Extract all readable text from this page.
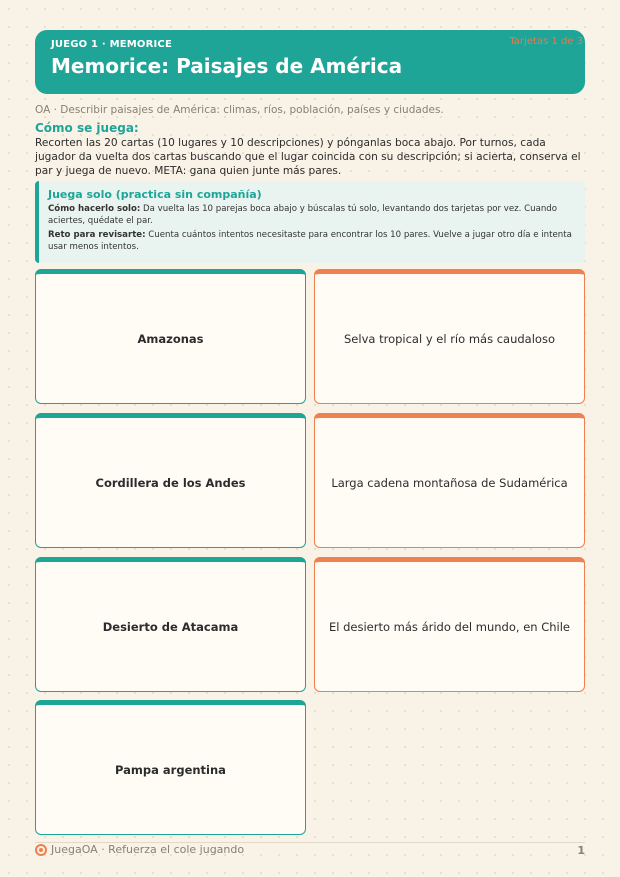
JUEGO 1 · MEMORICE
Memorice: Paisajes de América
Tarjetas 1 de 3
OA · Describir paisajes de América: climas, ríos, población, países y ciudades.
Cómo se juega:
Recorten las 20 cartas (10 lugares y 10 descripciones) y pónganlas boca abajo. Por turnos, cada jugador da vuelta dos cartas buscando que el lugar coincida con su descripción; si acierta, conserva el par y juega de nuevo. META: gana quien junte más pares.
Juega solo (practica sin compañía)

Cómo hacerlo solo: Da vuelta las 10 parejas boca abajo y búscalas tú solo, levantando dos tarjetas por vez. Cuando aciertes, quédate el par.

Reto para revisarte: Cuenta cuántos intentos necesitaste para encontrar los 10 pares. Vuelve a jugar otro día e intenta usar menos intentos.

Amazonas	Selva tropical y el río más caudaloso
Cordillera de los Andes	Larga cadena montañosa de Sudamérica
Desierto de Atacama	El desierto más árido del mundo, en Chile
Pampa argentina
JuegaOA · Refuerza el cole jugando	1
